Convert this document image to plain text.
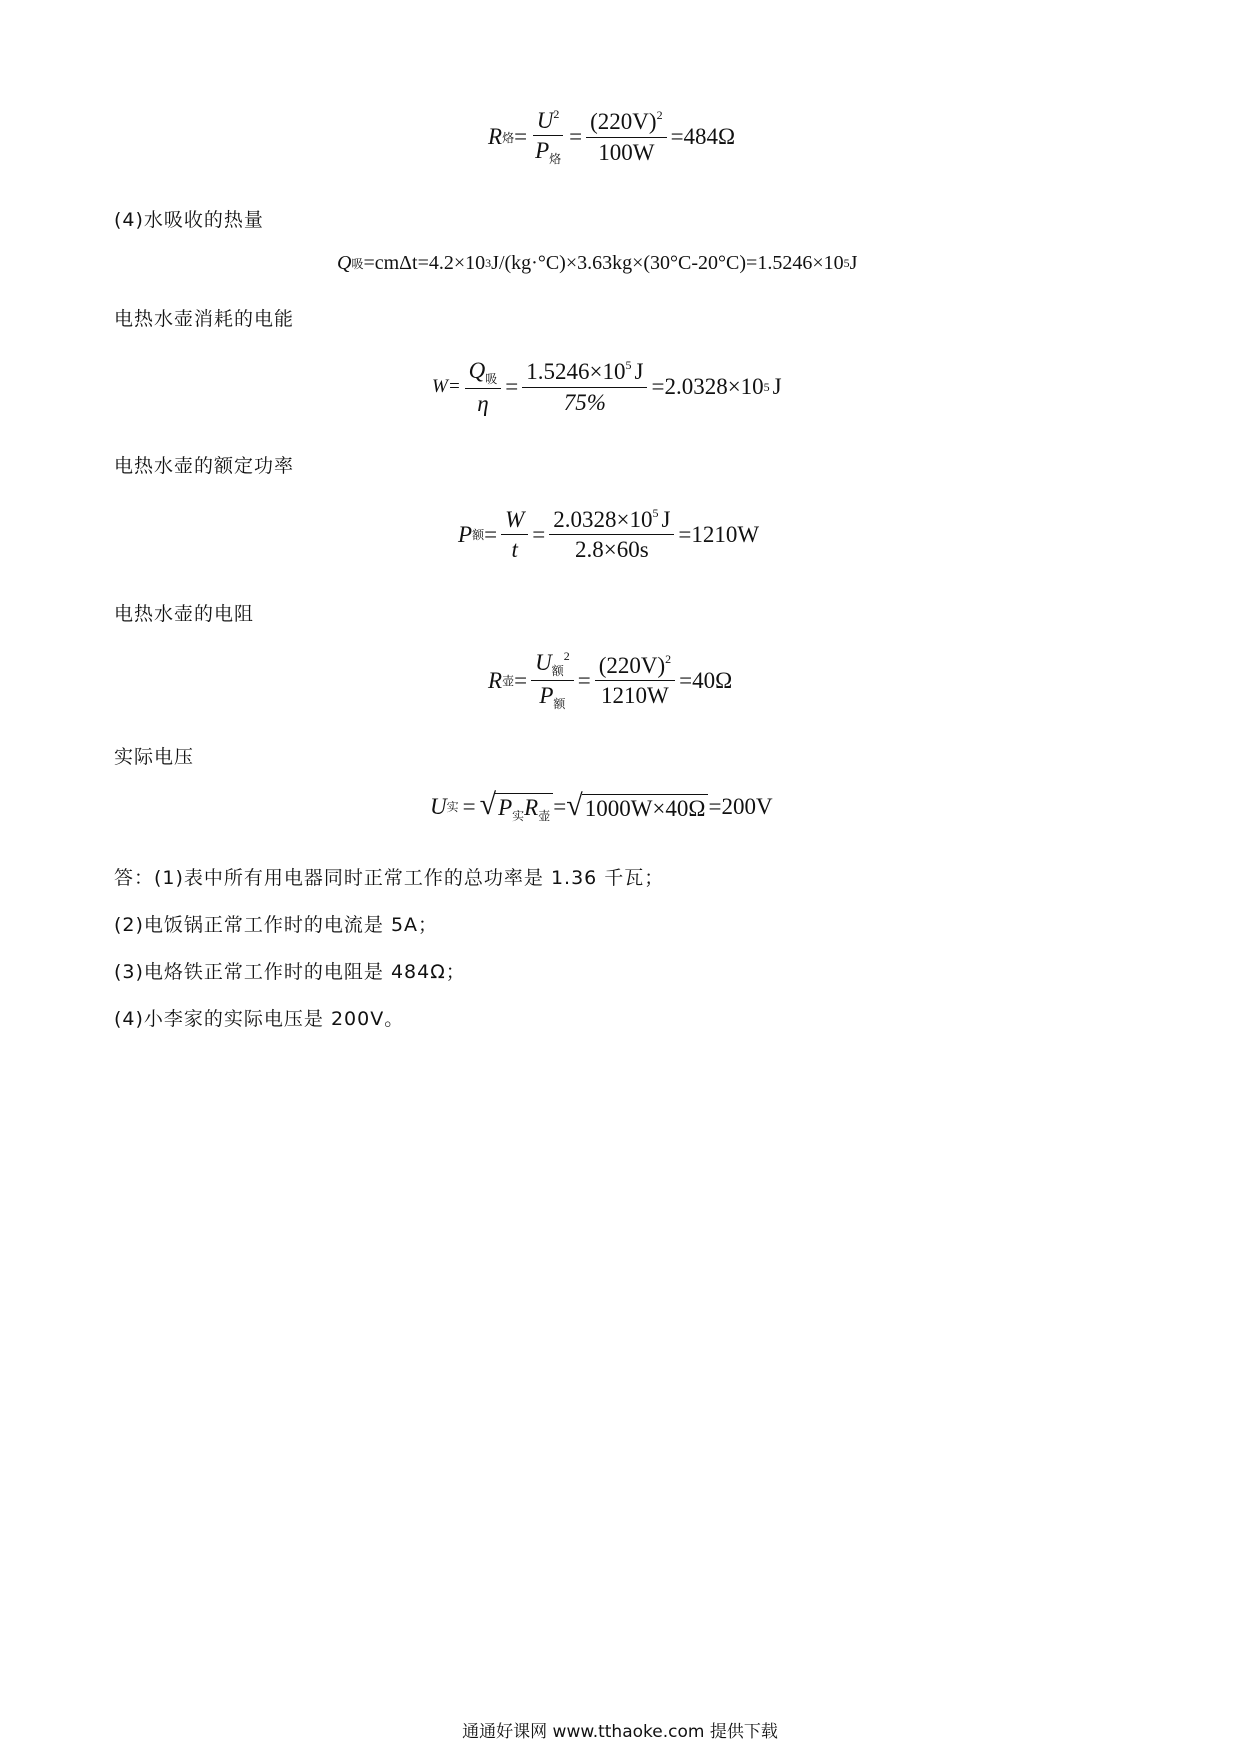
R 烙 = $\frac{U^2}{P_烙} = \frac{(220V)^2}{100W} =484\Omega$
(4)水吸收的热量
Q 吸 =cmΔt=4.2×10 3 J/(kg·°C)×3.63kg×(30°C-20°C)=1.5246×10 5 J
电热水壶消耗的电能
$W= \frac{Q_吸}{\eta} = \frac{1.5246\times 10^5 J}{75\%} =2.0328\times 10$ 5 J
电热水壶的额定功率
P 额 = $\frac{W}{t} = \frac{2.0328\times 10^5 J}{2.8\times 60s} =1210W$
电热水壶的电阻
R 壶 = $\frac{U_额^2}{P_额} = \frac{(220V)^2}{1210W} =40\Omega$
实际电压
U 实 = √ $P_实R_壶$ = √ 1000W×40Ω =200V
答：(1)表中所有用电器同时正常工作的总功率是 1.36 千瓦；
(2)电饭锅正常工作时的电流是 5A；
(3)电烙铁正常工作时的电阻是 484Ω；
(4)小李家的实际电压是 200V。
通通好课网 www.tthaoke.com 提供下载
